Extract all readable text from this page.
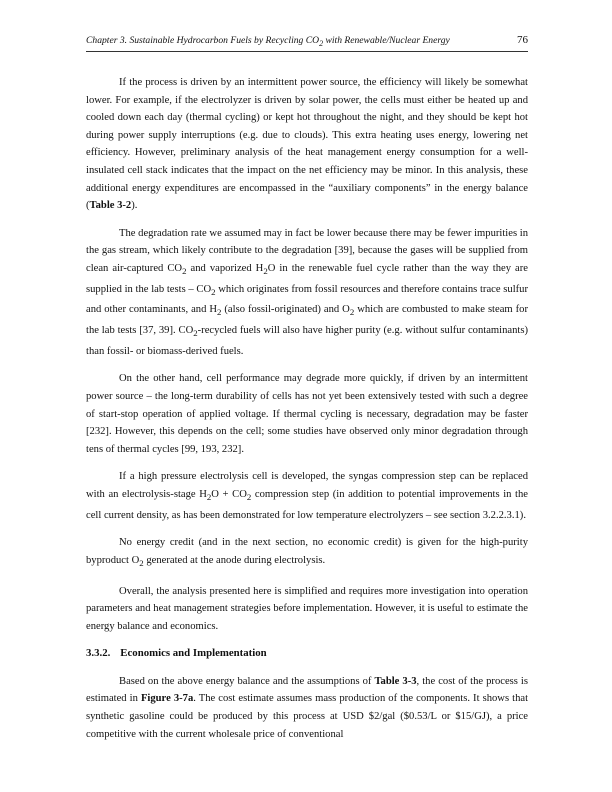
Chapter 3. Sustainable Hydrocarbon Fuels by Recycling $CO_2$ with Renewable/Nuclear Energy	76

If the process is driven by an intermittent power source, the efficiency will likely be somewhat lower. For example, if the electrolyzer is driven by solar power, the cells must either be heated up and cooled down each day (thermal cycling) or kept hot throughout the night, and they should be kept hot during power supply interruptions (e.g. due to clouds). This extra heating uses energy, lowering net efficiency. However, preliminary analysis of the heat management energy consumption for a well-insulated cell stack indicates that the impact on the net efficiency may be minor. In this analysis, these additional energy expenditures are encompassed in the “auxiliary components” in the energy balance (Table 3-2).

The degradation rate we assumed may in fact be lower because there may be fewer impurities in the gas stream, which likely contribute to the degradation [39], because the gases will be supplied from clean air-captured $CO_2$ and vaporized $H_2O$ in the renewable fuel cycle rather than the way they are supplied in the lab tests – $CO_2$ which originates from fossil resources and therefore contains trace sulfur and other contaminants, and $H_2$ (also fossil-originated) and $O_2$ which are combusted to make steam for the lab tests [37, 39]. $CO_2$-recycled fuels will also have higher purity (e.g. without sulfur contaminants) than fossil- or biomass-derived fuels.

On the other hand, cell performance may degrade more quickly, if driven by an intermittent power source – the long-term durability of cells has not yet been extensively tested with such a degree of start-stop operation of applied voltage. If thermal cycling is necessary, degradation may be faster [232]. However, this depends on the cell; some studies have observed only minor degradation through tens of thermal cycles [99, 193, 232].

If a high pressure electrolysis cell is developed, the syngas compression step can be replaced with an electrolysis-stage $H_2O + CO_2$ compression step (in addition to potential improvements in the cell current density, as has been demonstrated for low temperature electrolyzers – see section 3.2.2.3.1).

No energy credit (and in the next section, no economic credit) is given for the high-purity byproduct $O_2$ generated at the anode during electrolysis.

Overall, the analysis presented here is simplified and requires more investigation into operation parameters and heat management strategies before implementation. However, it is useful to estimate the energy balance and economics.

3.3.2. Economics and Implementation

Based on the above energy balance and the assumptions of Table 3-3, the cost of the process is estimated in Figure 3-7a. The cost estimate assumes mass production of the components. It shows that synthetic gasoline could be produced by this process at USD $2/gal ($0.53/L or $15/GJ), a price competitive with the current wholesale price of conventional
